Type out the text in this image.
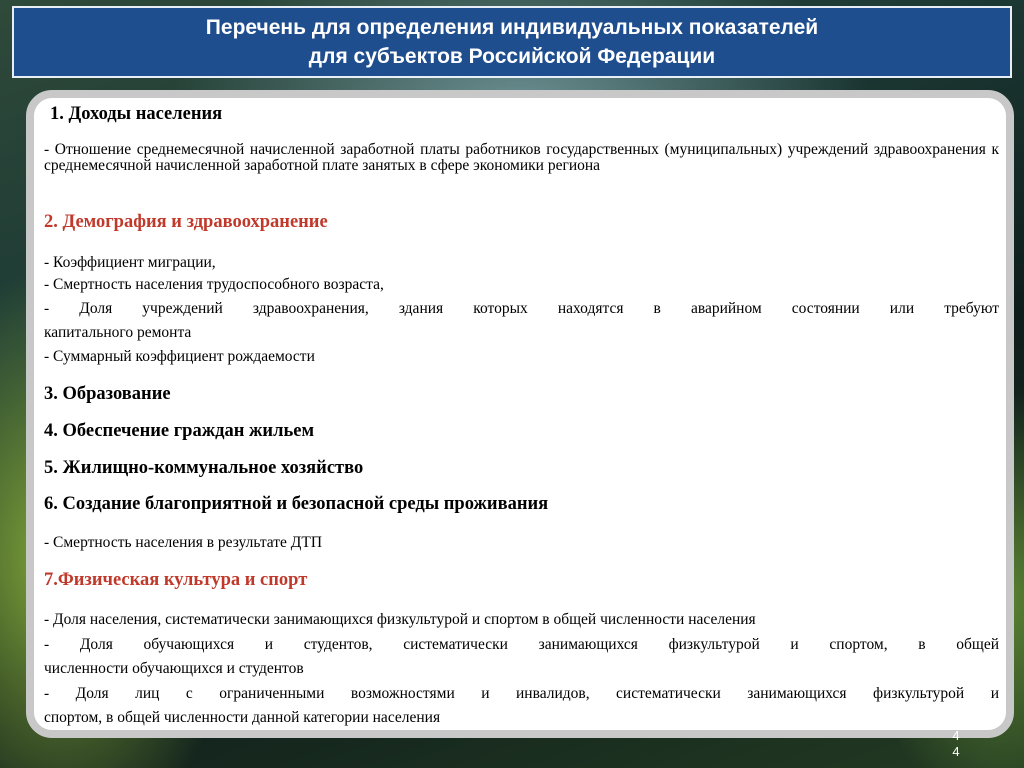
Перечень для определения индивидуальных показателей
для субъектов Российской Федерации
1. Доходы населения
- Отношение среднемесячной начисленной заработной платы работников государственных (муниципальных) учреждений здравоохранения к среднемесячной начисленной заработной плате занятых в сфере экономики региона
2. Демография и здравоохранение
- Коэффициент миграции,
- Смертность населения трудоспособного возраста,
- Доля учреждений здравоохранения, здания которых находятся в аварийном состоянии или требуют
капитального ремонта
- Суммарный коэффициент рождаемости
3. Образование
4. Обеспечение граждан жильем
5. Жилищно-коммунальное хозяйство
6. Создание благоприятной и безопасной среды проживания
- Смертность населения в результате ДТП
7.Физическая культура и спорт
- Доля населения, систематически занимающихся физкультурой и спортом в общей численности населения
- Доля обучающихся и студентов, систематически занимающихся физкультурой и спортом, в общей
численности обучающихся и студентов
- Доля лиц с ограниченными возможностями и инвалидов, систематически занимающихся физкультурой и
спортом, в общей численности данной категории населения
4
4
